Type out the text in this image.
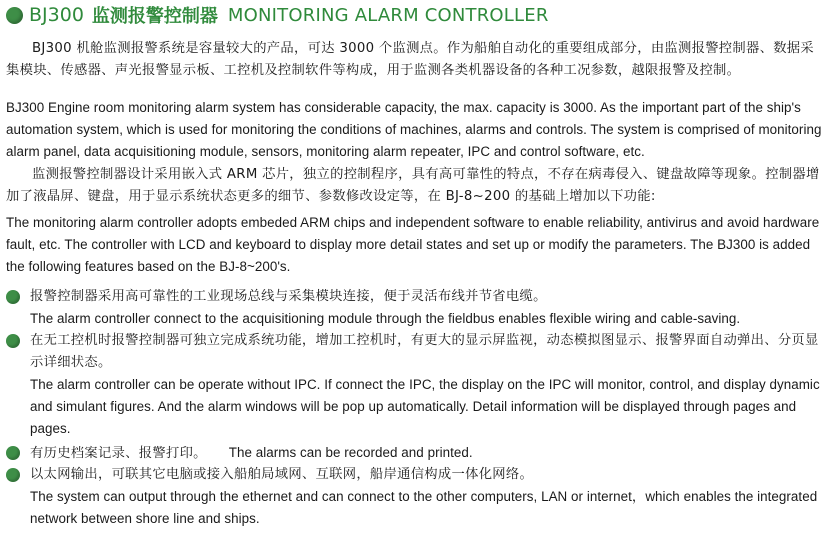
BJ300 监测报警控制器 MONITORING ALARM CONTROLLER

BJ300 机舱监测报警系统是容量较大的产品，可达 3000 个监测点。作为船舶自动化的重要组成部分，由监测报警控制器、数据采集模块、传感器、声光报警显示板、工控机及控制软件等构成，用于监测各类机器设备的各种工况参数，越限报警及控制。

BJ300 Engine room monitoring alarm system has considerable capacity, the max. capacity is 3000. As the important part of the ship's automation system, which is used for monitoring the conditions of machines, alarms and controls. The system is comprised of monitoring alarm panel, data acquisitioning module, sensors, monitoring alarm repeater, IPC and control software, etc.

监测报警控制器设计采用嵌入式 ARM 芯片，独立的控制程序，具有高可靠性的特点，不存在病毒侵入、键盘故障等现象。控制器增加了液晶屏、键盘，用于显示系统状态更多的细节、参数修改设定等，在 BJ-8~200 的基础上增加以下功能:

The monitoring alarm controller adopts embeded ARM chips and independent software to enable reliability, antivirus and avoid hardware fault, etc. The controller with LCD and keyboard to display more detail states and set up or modify the parameters. The BJ300 is added the following features based on the BJ-8~200's.

报警控制器采用高可靠性的工业现场总线与采集模块连接，便于灵活布线并节省电缆。

The alarm controller connect to the acquisitioning module through the fieldbus enables flexible wiring and cable-saving.

在无工控机时报警控制器可独立完成系统功能，增加工控机时，有更大的显示屏监视，动态模拟图显示、报警界面自动弹出、分页显示详细状态。

The alarm controller can be operate without IPC. If connect the IPC, the display on the IPC will monitor, control, and display dynamic and simulant figures. And the alarm windows will be pop up automatically. Detail information will be displayed through pages and pages.

有历史档案记录、报警打印。 The alarms can be recorded and printed.
以太网输出，可联其它电脑或接入船舶局域网、互联网，船岸通信构成一体化网络。

The system can output through the ethernet and can connect to the other computers, LAN or internet，which enables the integrated network between shore line and ships.
